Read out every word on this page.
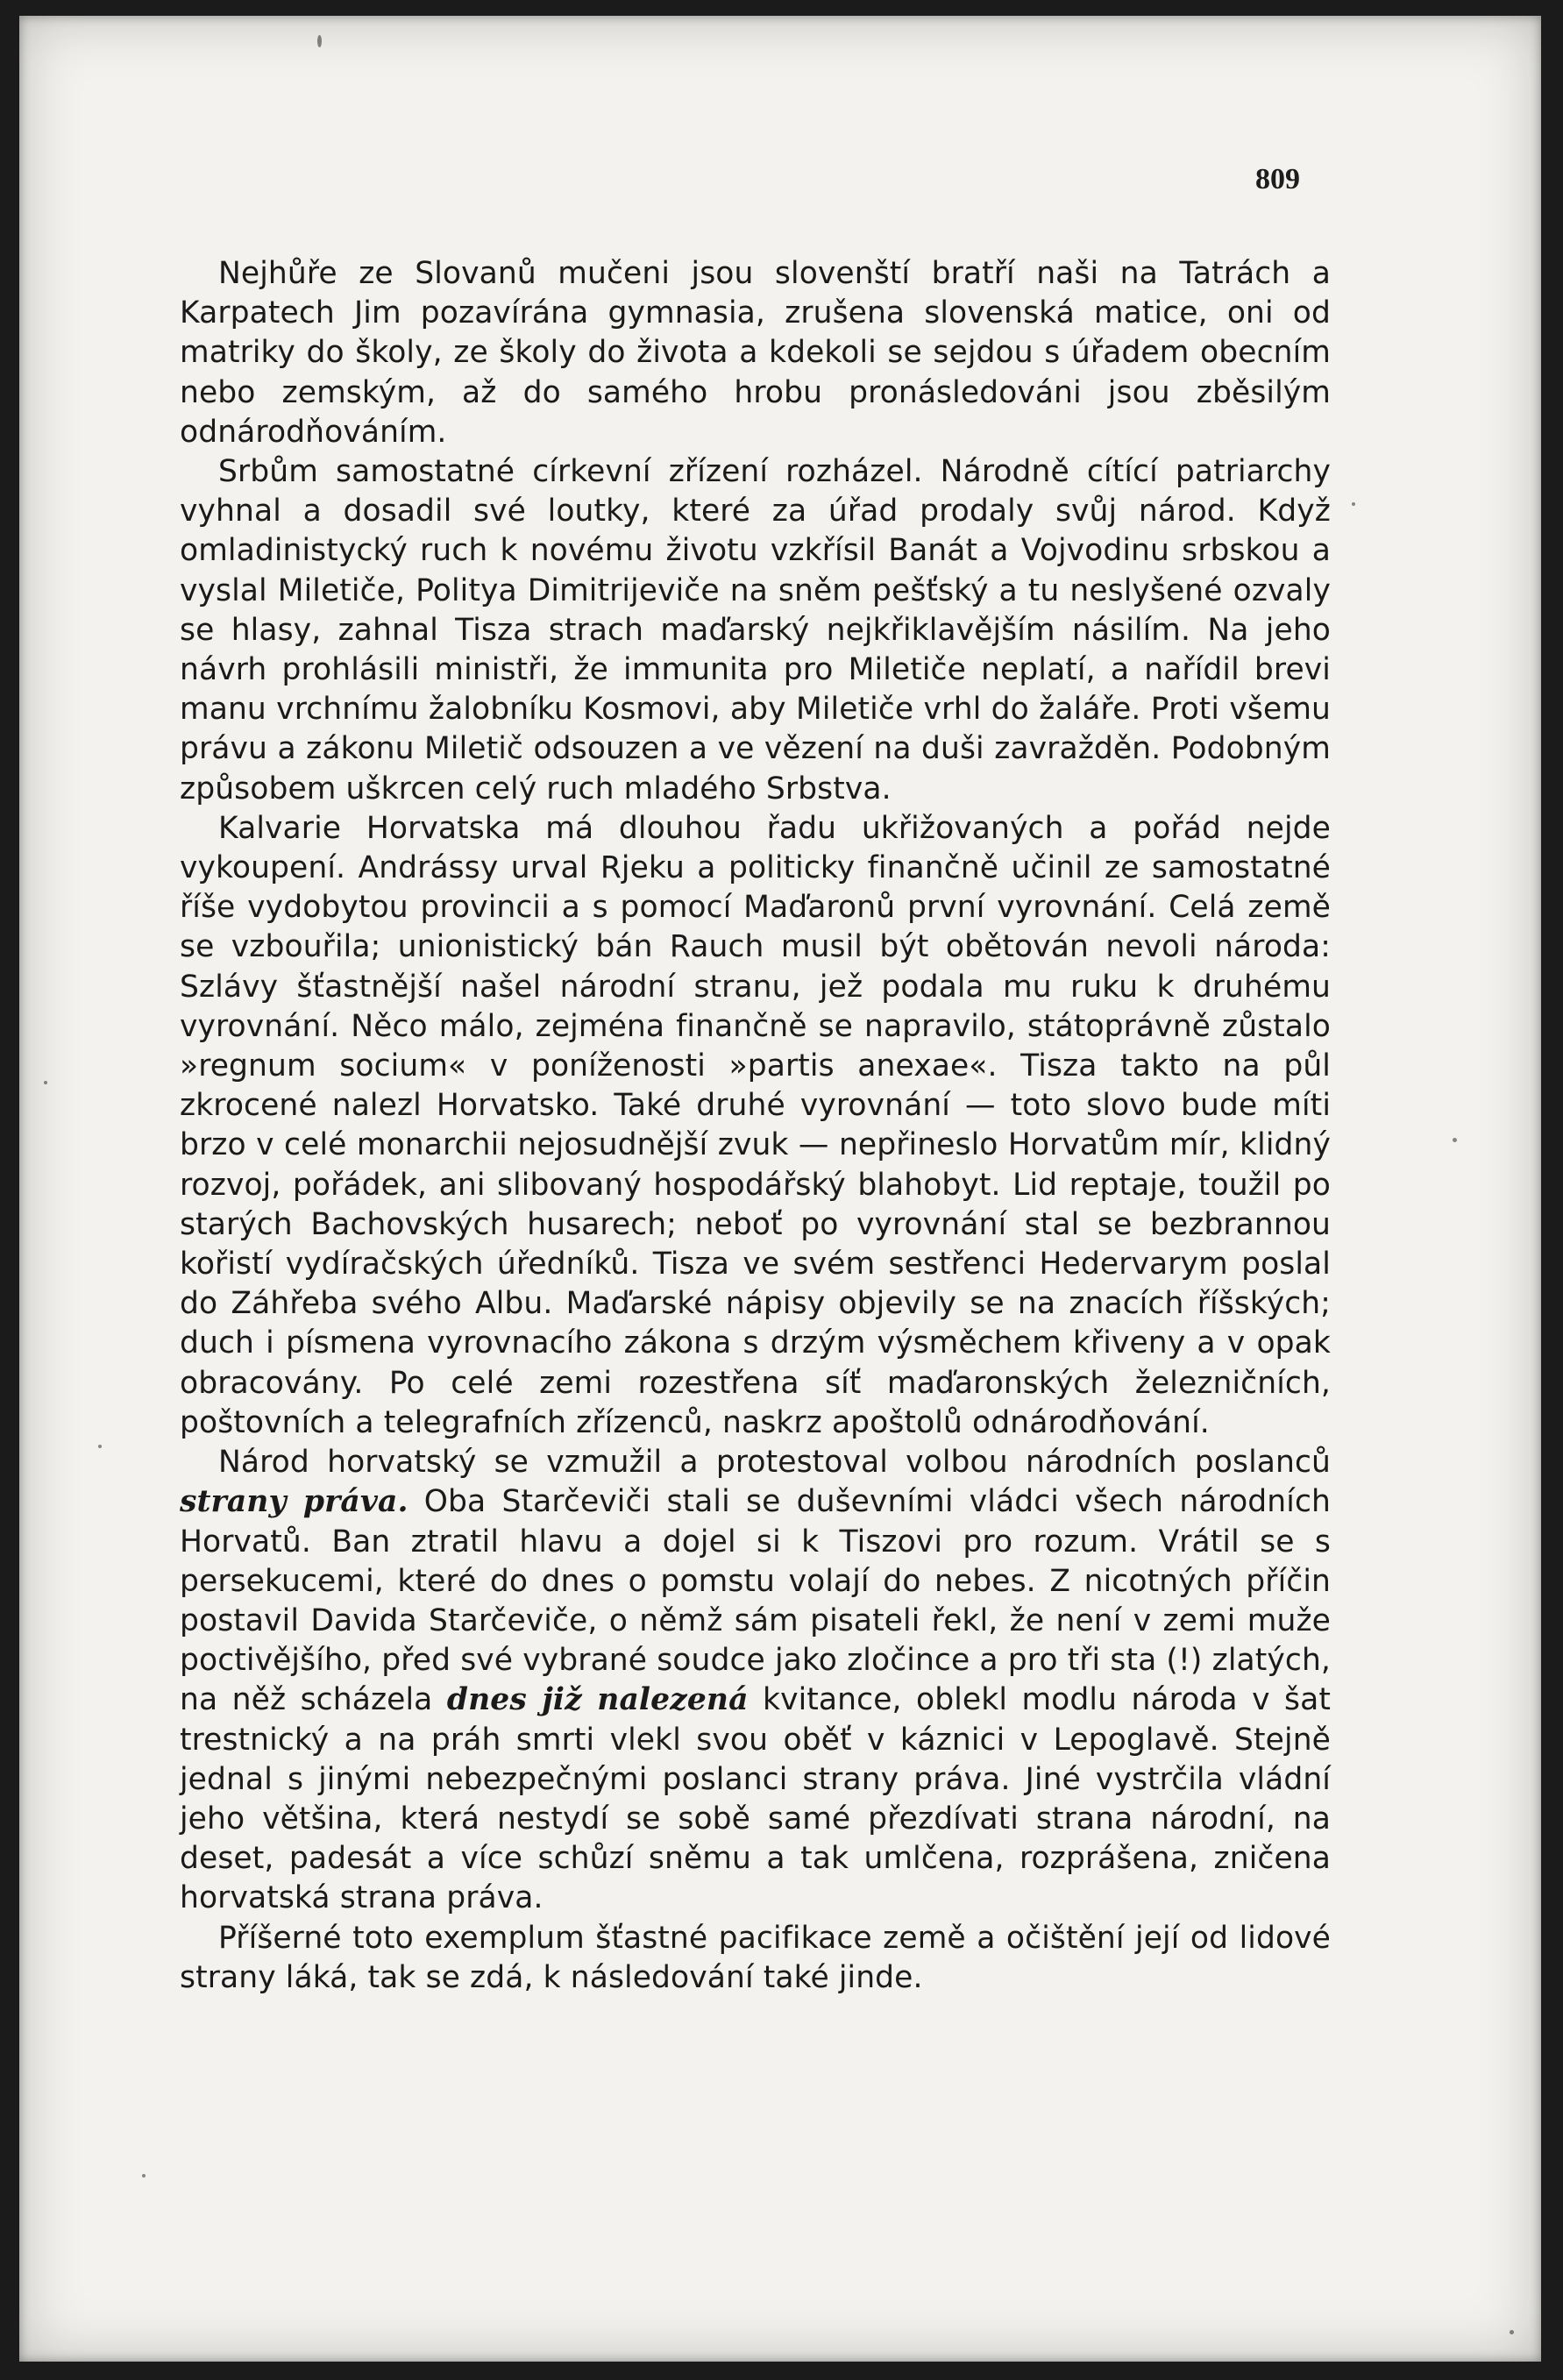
809

Nejhůře ze Slovanů mučeni jsou slovenští bratří naši na Tatrách a Karpatech Jim pozavírána gymnasia, zrušena slovenská matice, oni od matriky do školy, ze školy do života a kdekoli se sejdou s úřadem obecním nebo zemským, až do samého hrobu pronásledováni jsou zběsilým odnárodňováním.

Srbům samostatné církevní zřízení rozházel. Národně cítící patriarchy vyhnal a dosadil své loutky, které za úřad prodaly svůj národ. Když omladinistycký ruch k novému životu vzkřísil Banát a Vojvodinu srbskou a vyslal Miletiče, Politya Dimitrijeviče na sněm pešťský a tu neslyšené ozvaly se hlasy, zahnal Tisza strach maďarský nejkřiklavějším násilím. Na jeho návrh prohlásili ministři, že immunita pro Miletiče neplatí, a nařídil brevi manu vrchnímu žalobníku Kosmovi, aby Miletiče vrhl do žaláře. Proti všemu právu a zákonu Miletič odsouzen a ve vězení na duši zavražděn. Podobným způsobem uškrcen celý ruch mladého Srbstva.

Kalvarie Horvatska má dlouhou řadu ukřižovaných a pořád nejde vykoupení. Andrássy urval Rjeku a politicky finančně učinil ze samostatné říše vydobytou provincii a s pomocí Maďaronů první vyrovnání. Celá země se vzbouřila; unionistický bán Rauch musil být obětován nevoli národa: Szlávy šťastnější našel národní stranu, jež podala mu ruku k druhému vyrovnání. Něco málo, zejména finančně se napravilo, státoprávně zůstalo »regnum socium« v poníženosti »partis anexae«. Tisza takto na půl zkrocené nalezl Horvatsko. Také druhé vyrovnání — toto slovo bude míti brzo v celé monarchii nejosudnější zvuk — nepřineslo Horvatům mír, klidný rozvoj, pořádek, ani slibovaný hospodářský blahobyt. Lid reptaje, toužil po starých Bachovských husarech; neboť po vyrovnání stal se bezbrannou kořistí vydíračských úředníků. Tisza ve svém sestřenci Hedervarym poslal do Záhřeba svého Albu. Maďarské nápisy objevily se na znacích říšských; duch i písmena vyrovnacího zákona s drzým výsměchem křiveny a v opak obracovány. Po celé zemi rozestřena síť maďaronských železničních, poštovních a telegrafních zřízenců, naskrz apoštolů odnárodňování.

Národ horvatský se vzmužil a protestoval volbou národních poslanců strany práva. Oba Starčeviči stali se duševními vládci všech národních Horvatů. Ban ztratil hlavu a dojel si k Tiszovi pro rozum. Vrátil se s persekucemi, které do dnes o pomstu volají do nebes. Z nicotných příčin postavil Davida Starčeviče, o němž sám pisateli řekl, že není v zemi muže poctivějšího, před své vybrané soudce jako zločince a pro tři sta (!) zlatých, na něž scházela dnes již nalezená kvitance, oblekl modlu národa v šat trestnický a na práh smrti vlekl svou oběť v káznici v Lepoglavě. Stejně jednal s jinými nebezpečnými poslanci strany práva. Jiné vystrčila vládní jeho většina, která nestydí se sobě samé přezdívati strana národní, na deset, padesát a více schůzí sněmu a tak umlčena, rozprášena, zničena horvatská strana práva.

Příšerné toto exemplum šťastné pacifikace země a očištění její od lidové strany láká, tak se zdá, k následování také jinde.
